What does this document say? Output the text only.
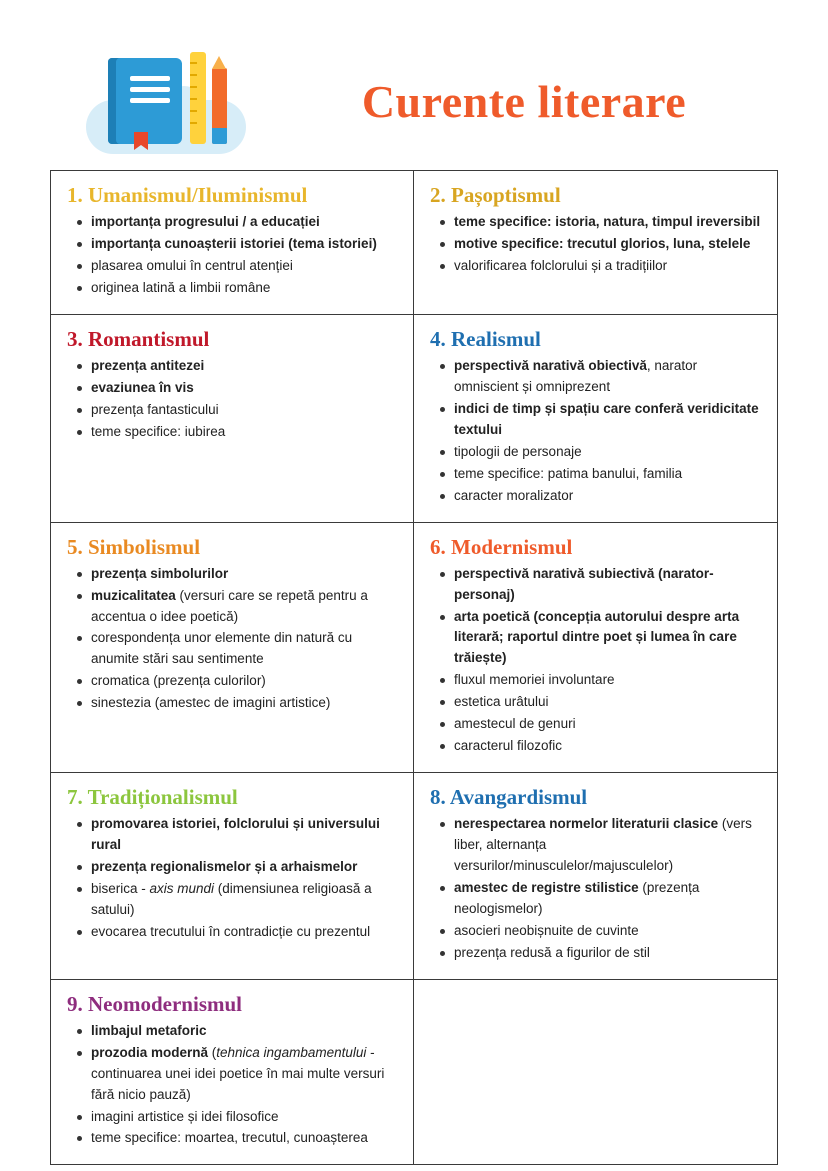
Curente literare
1. Umanismul/Iluminismul
importanța progresului / a educației
importanța cunoașterii istoriei (tema istoriei)
plasarea omului în centrul atenției
originea latină a limbii române
2. Pașoptismul
teme specifice: istoria, natura, timpul ireversibil
motive specifice: trecutul glorios, luna, stelele
valorificarea folclorului și a tradițiilor
3. Romantismul
prezența antitezei
evaziunea în vis
prezența fantasticului
teme specifice: iubirea
4. Realismul
perspectivă narativă obiectivă, narator omniscient și omniprezent
indici de timp și spațiu care conferă veridicitate textului
tipologii de personaje
teme specifice: patima banului, familia
caracter moralizator
5. Simbolismul
prezența simbolurilor
muzicalitatea (versuri care se repetă pentru a accentua o idee poetică)
corespondența unor elemente din natură cu anumite stări sau sentimente
cromatica (prezența culorilor)
sinestezia (amestec de imagini artistice)
6. Modernismul
perspectivă narativă subiectivă (narator-personaj)
arta poetică (concepția autorului despre arta literară; raportul dintre poet și lumea în care trăiește)
fluxul memoriei involuntare
estetica urâtului
amestecul de genuri
caracterul filozofic
7. Tradiționalismul
promovarea istoriei, folclorului și universului rural
prezența regionalismelor și a arhaismelor
biserica - axis mundi (dimensiunea religioasă a satului)
evocarea trecutului în contradicție cu prezentul
8. Avangardismul
nerespectarea normelor literaturii clasice (vers liber, alternanța versurilor/minusculelor/majusculelor)
amestec de registre stilistice (prezența neologismelor)
asocieri neobișnuite de cuvinte
prezența redusă a figurilor de stil
9. Neomodernismul
limbajul metaforic
prozodia modernă (tehnica ingambamentului - continuarea unei idei poetice în mai multe versuri fără nicio pauză)
imagini artistice și idei filosofice
teme specifice: moartea, trecutul, cunoașterea
